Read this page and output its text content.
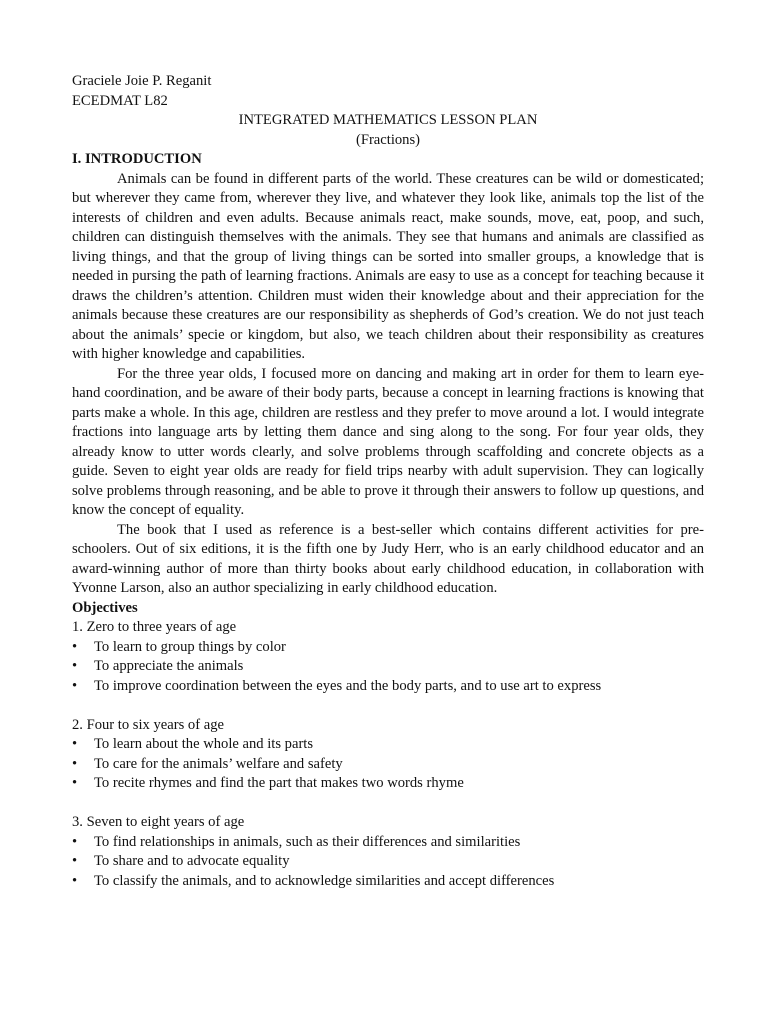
Graciele Joie P. Reganit
ECEDMAT L82
INTEGRATED MATHEMATICS LESSON PLAN
(Fractions)
I. INTRODUCTION

Animals can be found in different parts of the world. These creatures can be wild or domesticated; but wherever they came from, wherever they live, and whatever they look like, animals top the list of the interests of children and even adults. Because animals react, make sounds, move, eat, poop, and such, children can distinguish themselves with the animals. They see that humans and animals are classified as living things, and that the group of living things can be sorted into smaller groups, a knowledge that is needed in pursing the path of learning fractions. Animals are easy to use as a concept for teaching because it draws the children’s attention. Children must widen their knowledge about and their appreciation for the animals because these creatures are our responsibility as shepherds of God’s creation. We do not just teach about the animals’ specie or kingdom, but also, we teach children about their responsibility as creatures with higher knowledge and capabilities.

For the three year olds, I focused more on dancing and making art in order for them to learn eye-hand coordination, and be aware of their body parts, because a concept in learning fractions is knowing that parts make a whole. In this age, children are restless and they prefer to move around a lot. I would integrate fractions into language arts by letting them dance and sing along to the song. For four year olds, they already know to utter words clearly, and solve problems through scaffolding and concrete objects as a guide. Seven to eight year olds are ready for field trips nearby with adult supervision. They can logically solve problems through reasoning, and be able to prove it through their answers to follow up questions, and know the concept of equality.

The book that I used as reference is a best-seller which contains different activities for pre-schoolers. Out of six editions, it is the fifth one by Judy Herr, who is an early childhood educator and an award-winning author of more than thirty books about early childhood education, in collaboration with Yvonne Larson, also an author specializing in early childhood education.

Objectives
1. Zero to three years of age
• To learn to group things by color
• To appreciate the animals
• To improve coordination between the eyes and the body parts, and to use art to express
2. Four to six years of age
• To learn about the whole and its parts
• To care for the animals’ welfare and safety
• To recite rhymes and find the part that makes two words rhyme
3. Seven to eight years of age
• To find relationships in animals, such as their differences and similarities
• To share and to advocate equality
• To classify the animals, and to acknowledge similarities and accept differences
